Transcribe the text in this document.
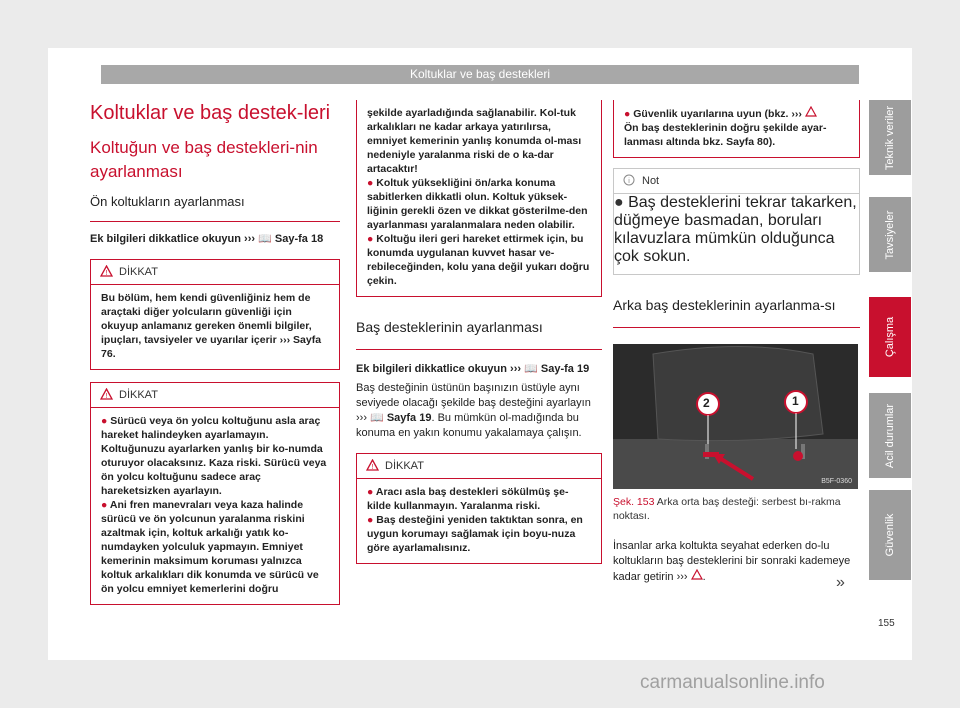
Koltuklar ve baş destekleri
Koltuklar ve baş destek-leri
Koltuğun ve baş destekleri-nin ayarlanması
Ön koltukların ayarlanması

Ek bilgileri dikkatlice okuyun ››› 📖 Say-fa 18

! DİKKAT
Bu bölüm, hem kendi güvenliğiniz hem de araçtaki diğer yolcuların güvenliği için okuyup anlamanız gereken önemli bilgiler, ipuçları, tavsiyeler ve uyarılar içerir ››› Sayfa 76.
! DİKKAT
● Sürücü veya ön yolcu koltuğunu asla araç hareket halindeyken ayarlamayın. Koltuğunuzu ayarlarken yanlış bir ko-numda oturuyor olacaksınız. Kaza riski. Sürücü veya ön yolcu koltuğunu sadece araç hareketsizken ayarlayın.
● Ani fren manevraları veya kaza halinde sürücü ve ön yolcunun yaralanma riskini azaltmak için, koltuk arkalığı yatık ko-numdayken yolculuk yapmayın. Emniyet kemerinin maksimum koruması yalnızca koltuk arkalıkları dik konumda ve sürücü ve ön yolcu emniyet kemerlerini doğru
şekilde ayarladığında sağlanabilir. Kol-tuk arkalıkları ne kadar arkaya yatırılırsa, emniyet kemerinin yanlış konumda ol-ması nedeniyle yaralanma riski de o ka-dar artacaktır!
● Koltuk yüksekliğini ön/arka konuma sabitlerken dikkatli olun. Koltuk yüksek-liğinin gerekli özen ve dikkat gösterilme-den ayarlanması yaralanmalara neden olabilir.
● Koltuğu ileri geri hareket ettirmek için, bu konumda uygulanan kuvvet hasar ve-rebileceğinden, kolu yana değil yukarı doğru çekin.
Baş desteklerinin ayarlanması

Ek bilgileri dikkatlice okuyun ››› 📖 Say-fa 19

Baş desteğinin üstünün başınızın üstüyle aynı seviyede olacağı şekilde baş desteğini ayarlayın ››› 📖 Sayfa 19. Bu mümkün ol-madığında bu konuma en yakın konumu yakalamaya çalışın.

! DİKKAT
● Aracı asla baş destekleri sökülmüş şe-kilde kullanmayın. Yaralanma riski.
● Baş desteğini yeniden taktıktan sonra, en uygun korumayı sağlamak için boyu-nuza göre ayarlamalısınız.
● Güvenlik uyarılarına uyun (bkz. ›››
Ön baş desteklerinin doğru şekilde ayar-lanması altında bkz. Sayfa 80).
i Not
● Baş desteklerini tekrar takarken, düğmeye basmadan, boruları kılavuzlara mümkün olduğunca çok sokun.
Arka baş desteklerinin ayarlanma-sı
2	1
B5F-0360

Şek. 153 Arka orta baş desteği: serbest bı-rakma noktası.

İnsanlar arka koltukta seyahat ederken do-lu koltukların baş desteklerini bir sonraki kademeye kadar getirin ››› .	»
Teknik veriler
Tavsiyeler
Çalışma
Acil durumlar
Güvenlik
155
carmanualsonline.info
